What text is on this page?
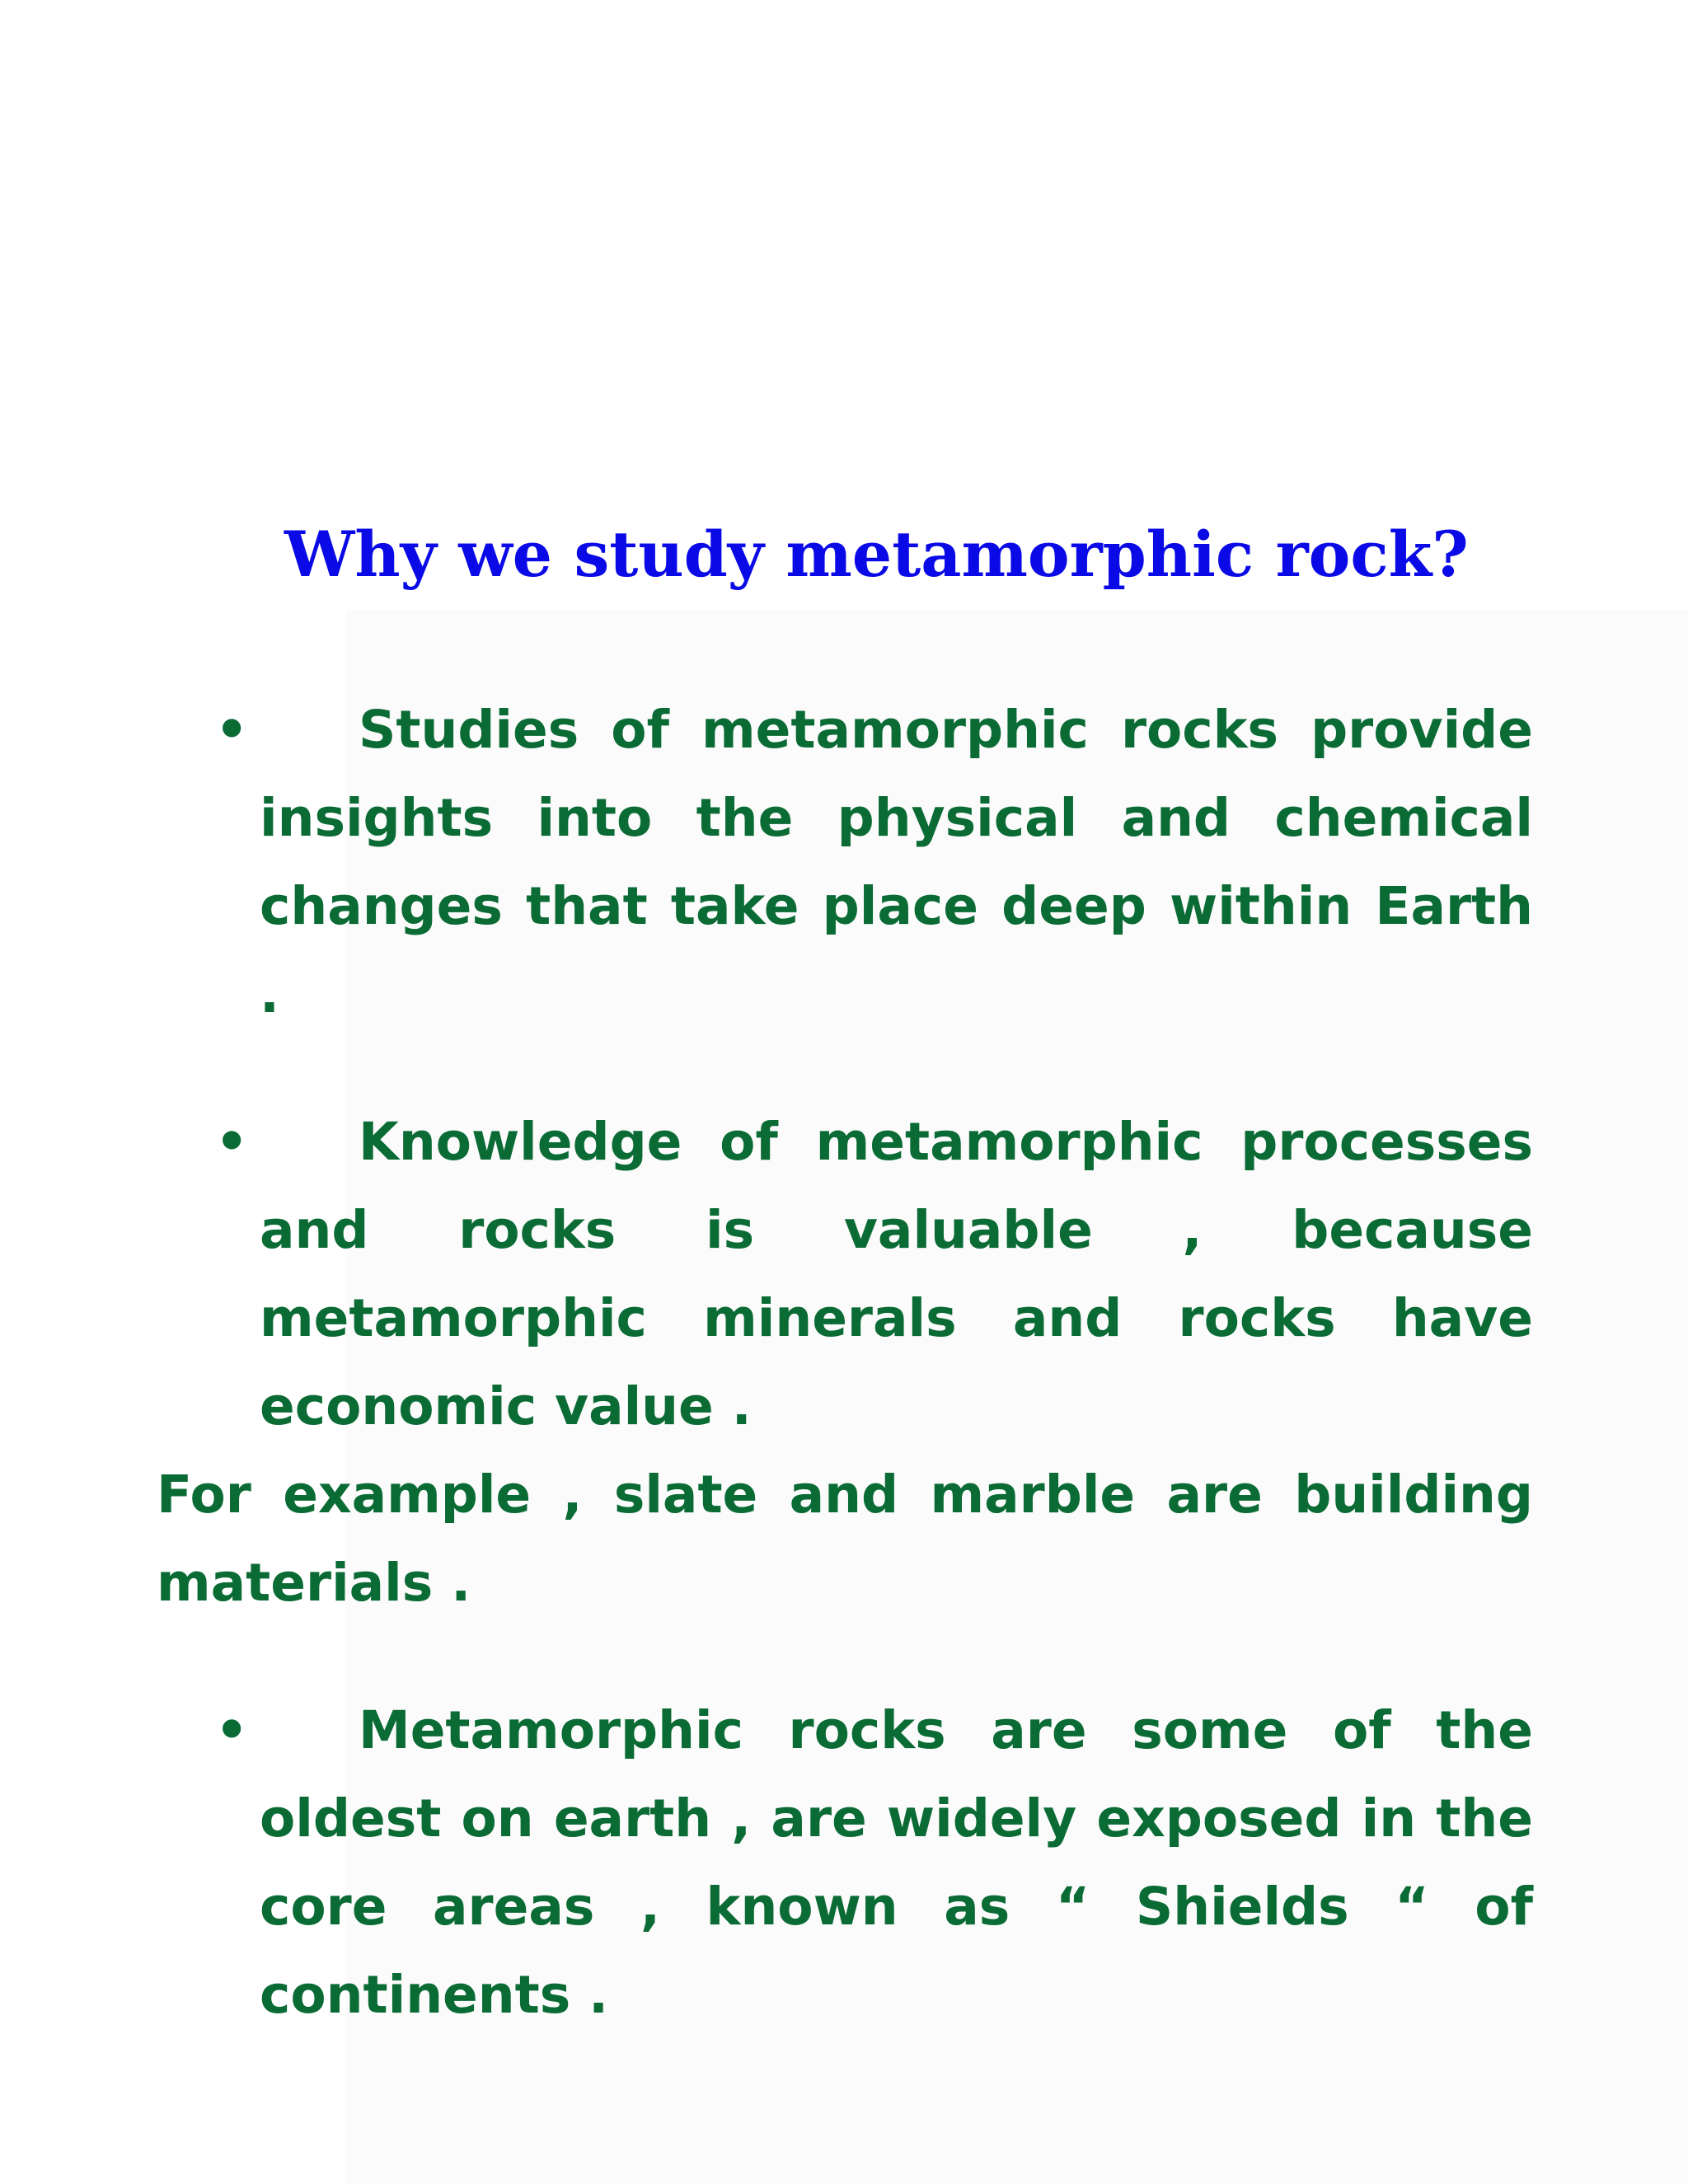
Why we study metamorphic rock?
• Studies of metamorphic rocks provide insights into the physical and chemical changes that take place deep within Earth .
• Knowledge of metamorphic processes and rocks is valuable , because metamorphic minerals and rocks have economic value .
For example , slate and marble are building materials .
• Metamorphic rocks are some of the oldest on earth , are widely exposed in the core areas , known as “ Shields “ of continents .
